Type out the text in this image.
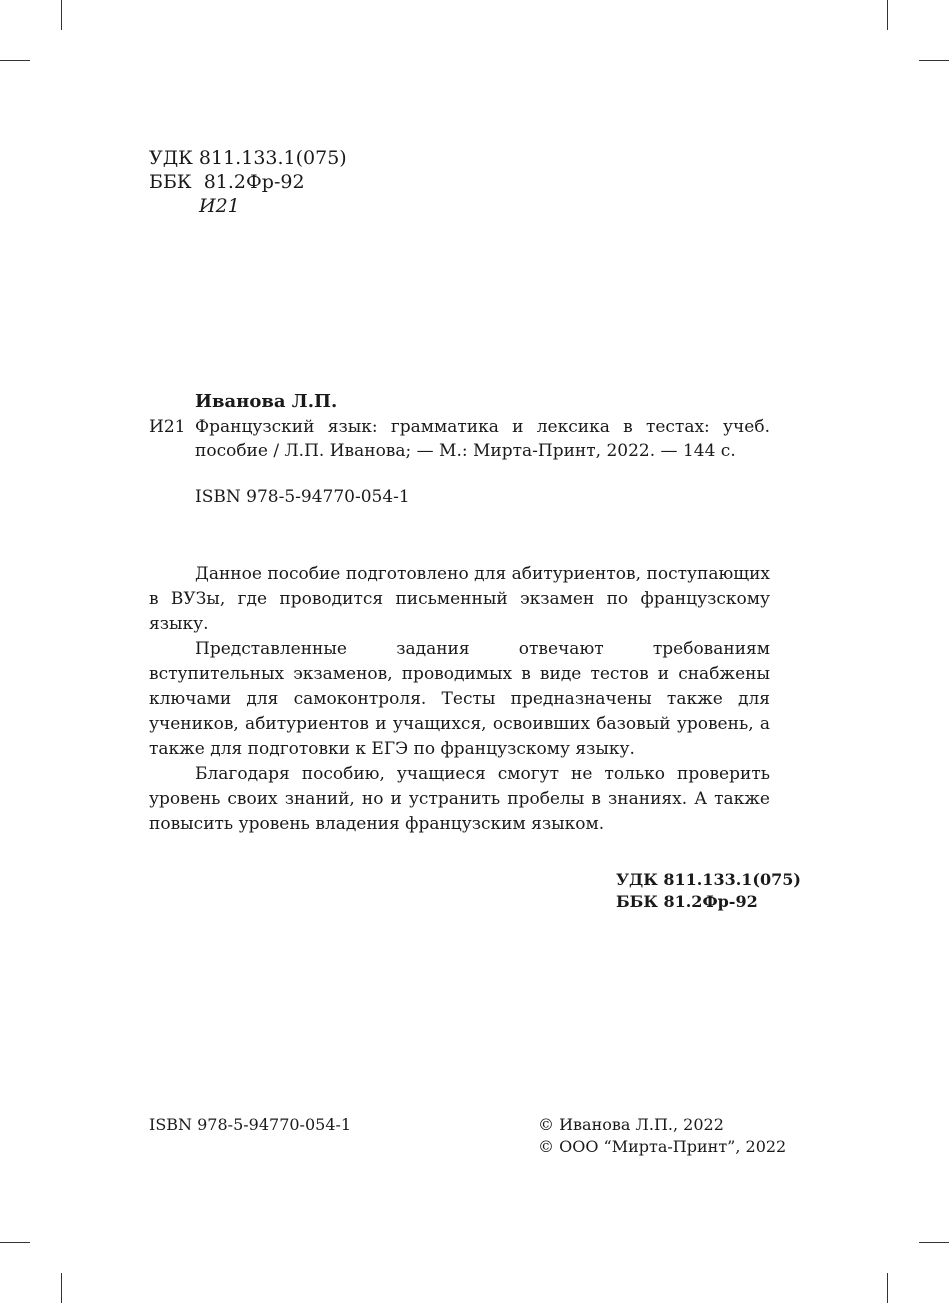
УДК 811.133.1(075)
ББК  81.2Фр-92
И21
Иванова Л.П.
И21 Французский язык: грамматика и лексика в тестах: учеб. пособие / Л.П. Иванова; — М.: Мирта-Принт, 2022. — 144 с.
ISBN 978-5-94770-054-1

Данное пособие подготовлено для абитуриентов, поступающих в ВУЗы, где проводится письменный экзамен по французскому языку.

Представленные задания отвечают требованиям вступительных экзаменов, проводимых в виде тестов и снабжены ключами для самоконтроля. Тесты предназначены также для учеников, абитуриентов и учащихся, освоивших базовый уровень, а также для подготовки к ЕГЭ по французскому языку.

Благодаря пособию, учащиеся смогут не только проверить уровень своих знаний, но и устранить пробелы в знаниях. А также повысить уровень владения французским языком.

УДК 811.133.1(075)
ББК 81.2Фр-92
ISBN 978-5-94770-054-1	© Иванова Л.П., 2022
© ООО “Мирта-Принт”, 2022
